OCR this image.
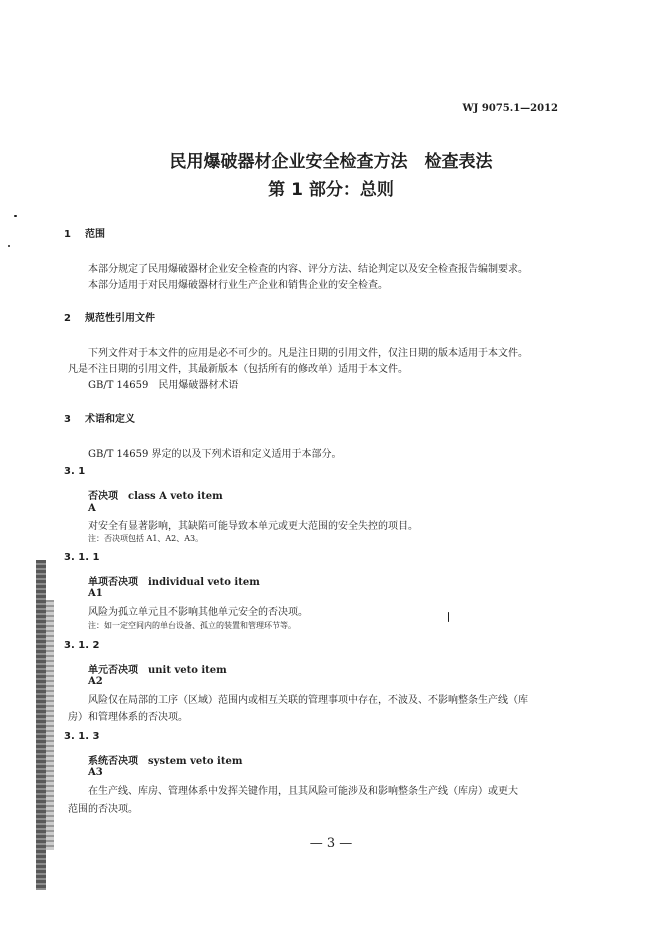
WJ 9075.1—2012
民用爆破器材企业安全检查方法　检查表法
第 1 部分：总则
1 范围
本部分规定了民用爆破器材企业安全检查的内容、评分方法、结论判定以及安全检查报告编制要求。
本部分适用于对民用爆破器材行业生产企业和销售企业的安全检查。
2 规范性引用文件
下列文件对于本文件的应用是必不可少的。凡是注日期的引用文件，仅注日期的版本适用于本文件。
凡是不注日期的引用文件，其最新版本（包括所有的修改单）适用于本文件。
GB/T 14659　民用爆破器材术语
3 术语和定义
GB/T 14659 界定的以及下列术语和定义适用于本部分。
3. 1
否决项 class A veto item
A
对安全有显著影响，其缺陷可能导致本单元或更大范围的安全失控的项目。
注：否决项包括 A1、A2、A3。
3. 1. 1
单项否决项 individual veto item
A1
风险为孤立单元且不影响其他单元安全的否决项。
注：如一定空间内的单台设备、孤立的装置和管理环节等。
3. 1. 2
单元否决项 unit veto item
A2
风险仅在局部的工序（区域）范围内或相互关联的管理事项中存在，不波及、不影响整条生产线（库
房）和管理体系的否决项。
3. 1. 3
系统否决项 system veto item
A3
在生产线、库房、管理体系中发挥关键作用，且其风险可能涉及和影响整条生产线（库房）或更大
范围的否决项。
— 3 —
